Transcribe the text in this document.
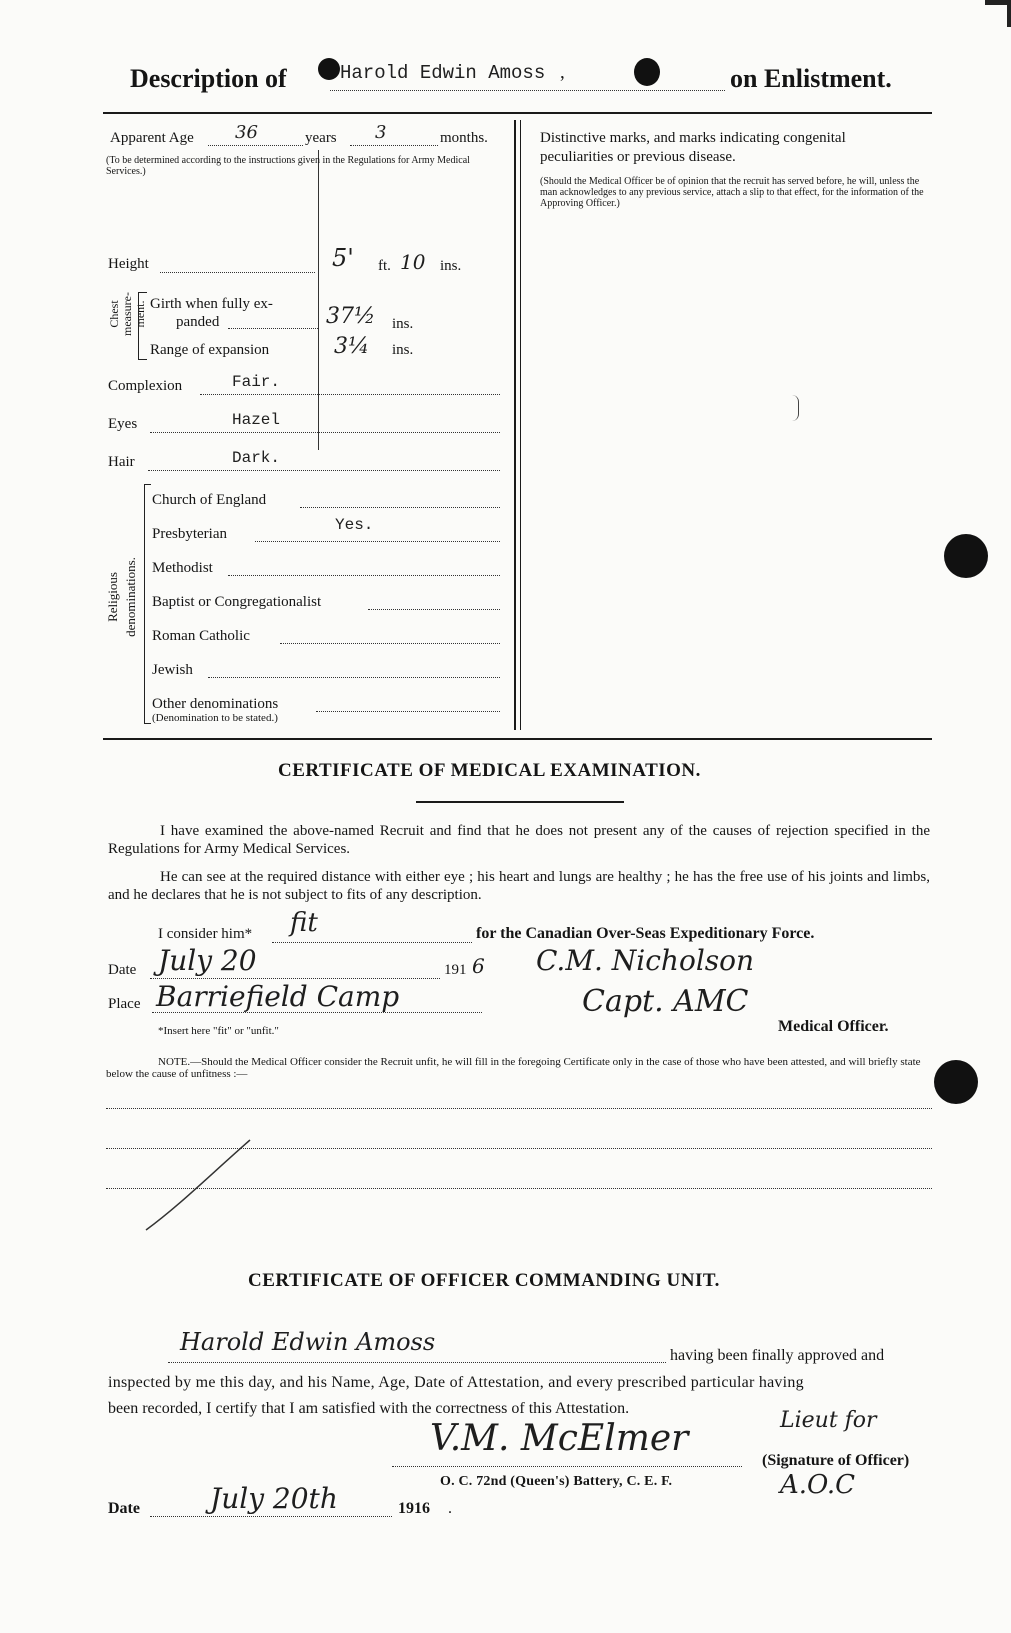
Description of	Harold Edwin Amoss ,	on Enlistment.
Apparent Age 36	years 3	months.
(To be determined according to the instructions given in the Regulations for Army Medical Services.)
Height	5' ft. 10 ins.
Chest measure-ment. Girth when fully ex-
panded	37½ ins.
Range of expansion	3¼ ins.
Complexion	Fair.
Eyes	Hazel
Hair	Dark.
Religious denominations.
Church of England
Presbyterian	Yes.
Methodist
Baptist or Congregationalist
Roman Catholic
Jewish
Other denominations
(Denomination to be stated.)
Distinctive marks, and marks indicating congenital
peculiarities or previous disease.
(Should the Medical Officer be of opinion that the recruit has served before, he will, unless the man acknowledges to any previous service, attach a slip to that effect, for the information of the Approving Officer.)
CERTIFICATE OF MEDICAL EXAMINATION.
I have examined the above-named Recruit and find that he does not present any of the causes of rejection specified in the Regulations for Army Medical Services.
He can see at the required distance with either eye ; his heart and lungs are healthy ; he has the free use of his joints and limbs, and he declares that he is not subject to fits of any description.
I consider him* fit	for the Canadian Over-Seas Expeditionary Force.
Date July 20	191 6
Place Barriefield Camp
C.M. Nicholson
Capt. AMC
Medical Officer.
*Insert here "fit" or "unfit."
NOTE.—Should the Medical Officer consider the Recruit unfit, he will fill in the foregoing Certificate only in the case of those who have been attested, and will briefly state below the cause of unfitness :—
CERTIFICATE OF OFFICER COMMANDING UNIT.
Harold Edwin Amoss	having been finally approved and
inspected by me this day, and his Name, Age, Date of Attestation, and every prescribed particular having
been recorded, I certify that I am satisfied with the correctness of this Attestation.
V.M. McElmer	Lieut for
(Signature of Officer)
O. C. 72nd (Queen's) Battery, C. E. F.	A.O.C
Date	July 20th	1916 .
